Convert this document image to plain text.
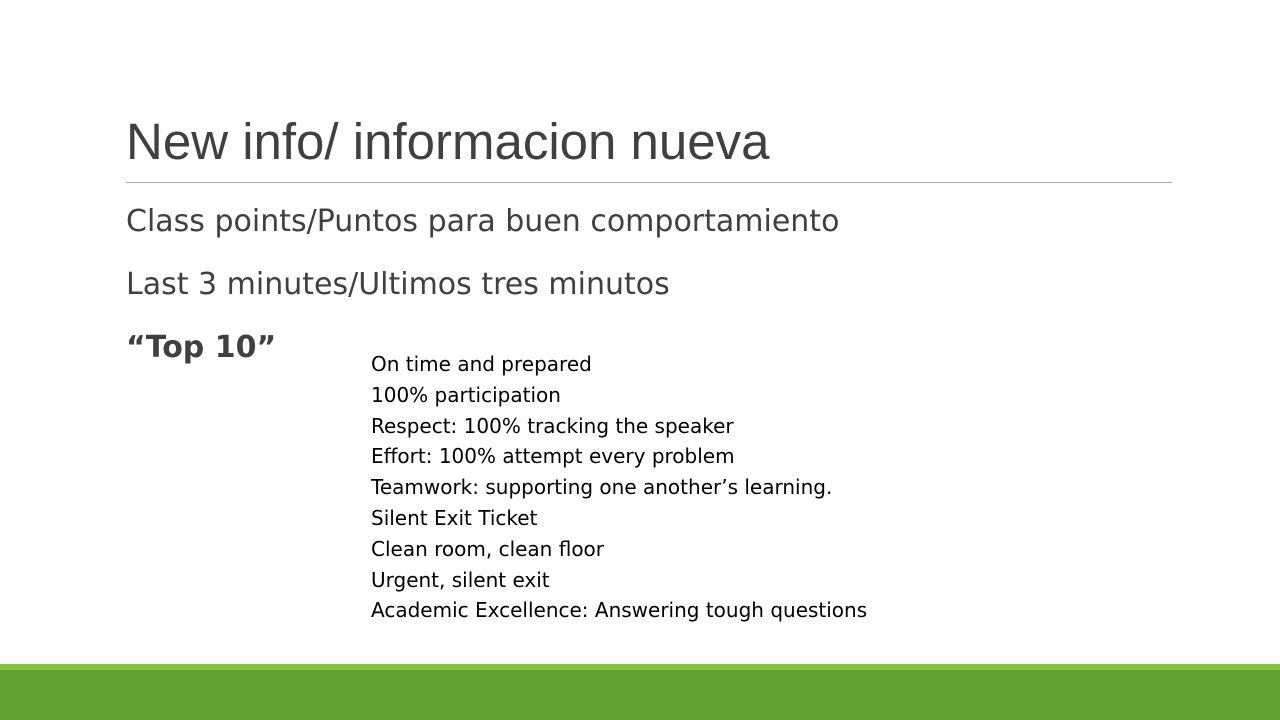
New info/ informacion nueva

Class points/Puntos para buen comportamiento

Last 3 minutes/Ultimos tres minutos

“Top 10”	On time and prepared
100% participation
Respect: 100% tracking the speaker
Effort: 100% attempt every problem
Teamwork: supporting one another’s learning.
Silent Exit Ticket
Clean room, clean floor
Urgent, silent exit
Academic Excellence: Answering tough questions
